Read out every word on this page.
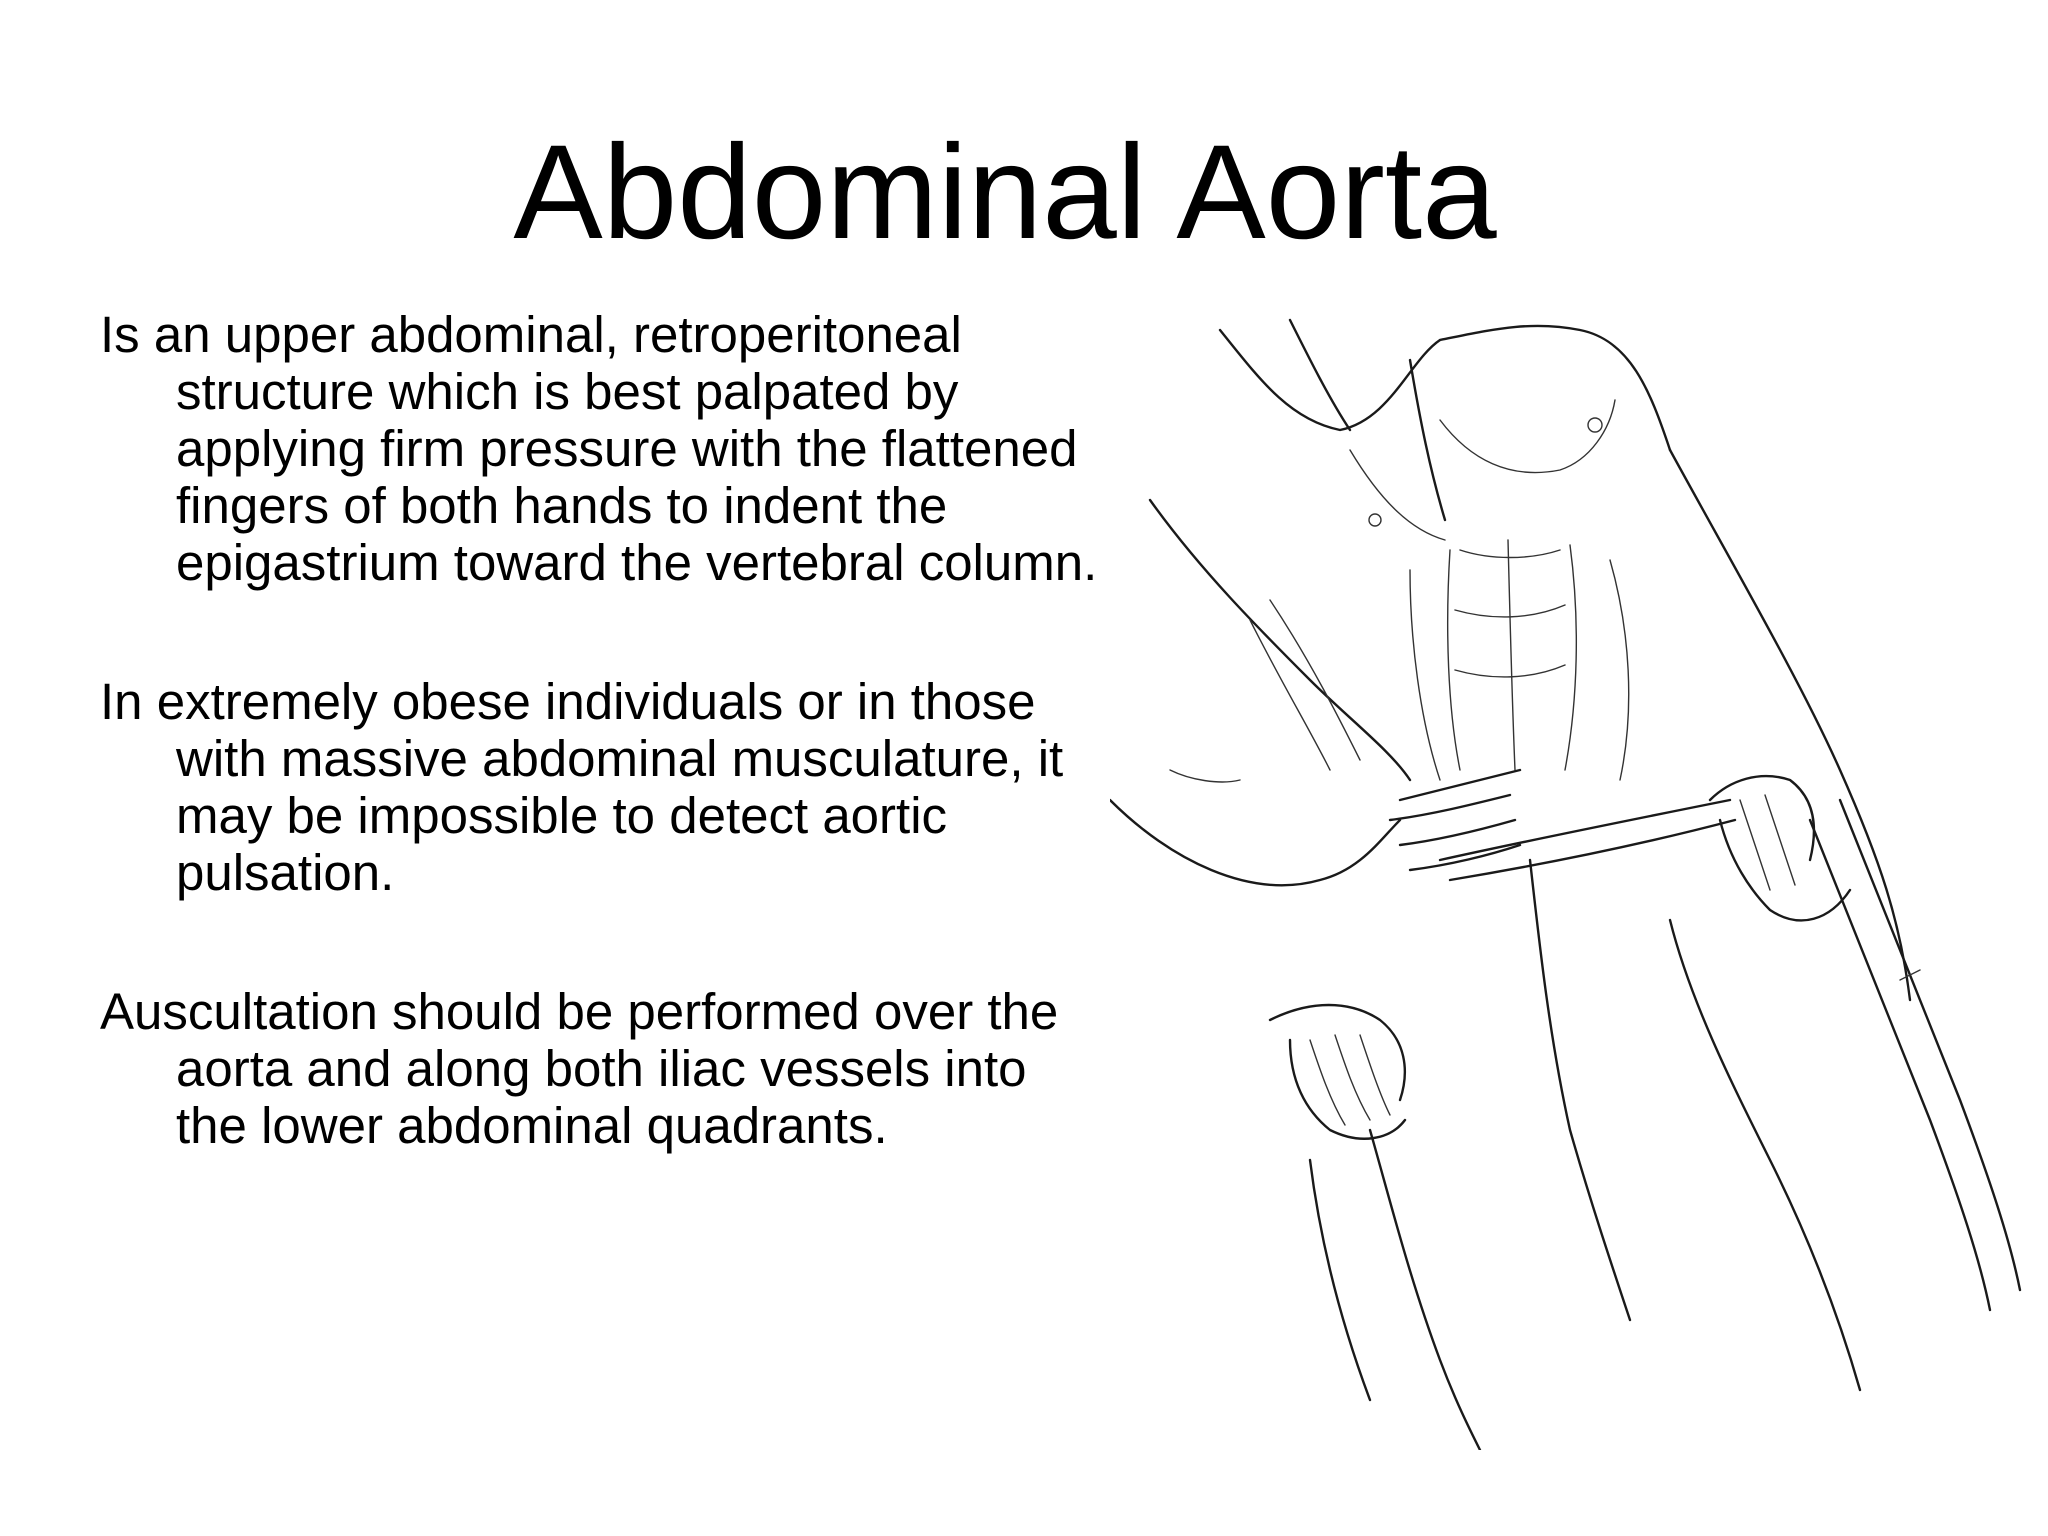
Abdominal Aorta
Is an upper abdominal, retroperitoneal structure which is best palpated by applying firm pressure with the flattened fingers of both hands to indent the epigastrium toward the vertebral column.
In extremely obese individuals or in those with massive abdominal musculature, it may be impossible to detect aortic pulsation.
Auscultation should be performed over the aorta and along both iliac vessels into the lower abdominal quadrants.
